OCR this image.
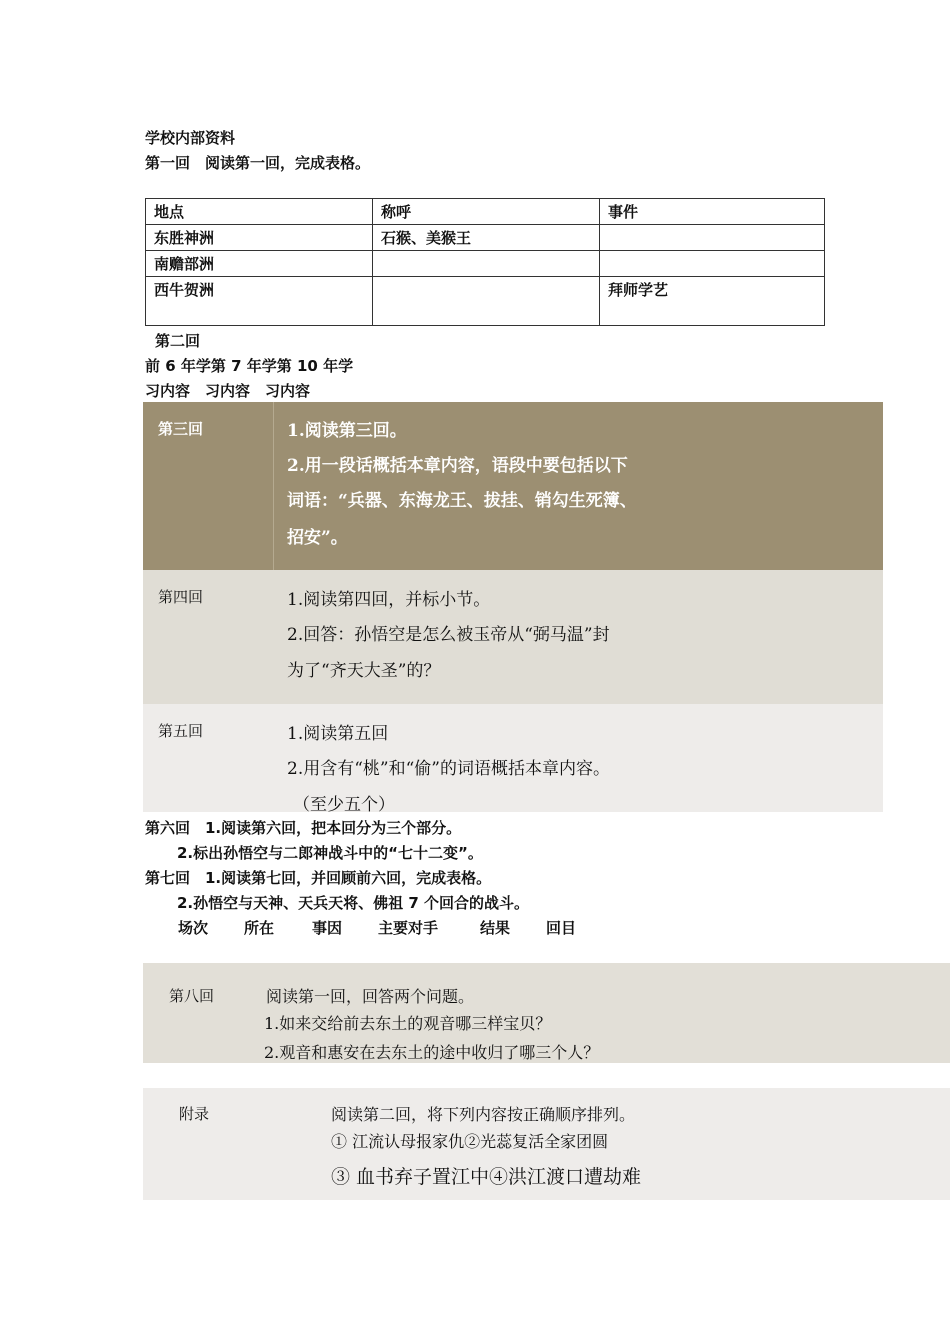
学校内部资料
第一回　阅读第一回，完成表格。
地点	称呼	事件
东胜神洲	石猴、美猴王	
南赡部洲		
西牛贺洲		拜师学艺
第二回
前 6 年学第 7 年学第 10 年学
习内容　习内容　习内容
第三回	1.阅读第三回。
2.用一段话概括本章内容，语段中要包括以下
词语：“兵器、东海龙王、拔挂、销勾生死簿、
招安”。
第四回	1.阅读第四回，并标小节。
2.回答：孙悟空是怎么被玉帝从“弼马温”封
为了“齐天大圣”的？
第五回	1.阅读第五回
2.用含有“桃”和“偷”的词语概括本章内容。
（至少五个）
第六回　1.阅读第六回，把本回分为三个部分。
2.标出孙悟空与二郎神战斗中的“七十二变”。
第七回　1.阅读第七回，并回顾前六回，完成表格。
2.孙悟空与天神、天兵天将、佛祖 7 个回合的战斗。
场次 所在	事因 主要对手	结果 回目
第八回	阅读第一回，回答两个问题。
1.如来交给前去东土的观音哪三样宝贝？
2.观音和惠安在去东土的途中收归了哪三个人？
附录	阅读第二回，将下列内容按正确顺序排列。
① 江流认母报家仇②光蕊复活全家团圆
③ 血书弃子置江中④洪江渡口遭劫难
